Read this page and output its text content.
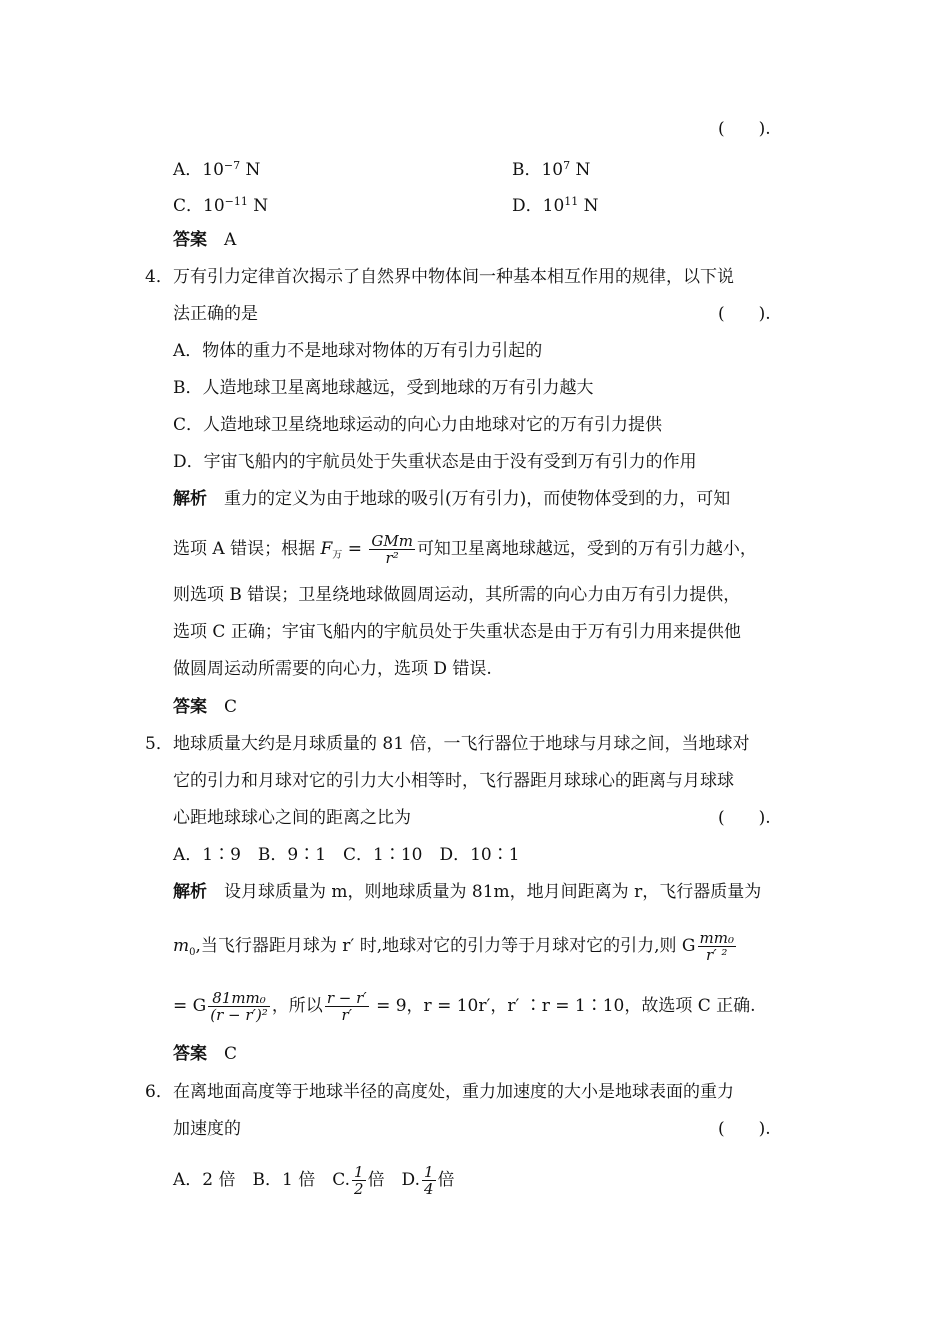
(　　).
A．$10^{-7}$ N	B．$10^7$ N
C．$10^{-11}$ N	D．$10^{11}$ N
答案　 A
4． 万有引力定律首次揭示了自然界中物体间一种基本相互作用的规律，以下说
法正确的是	(　　).
A．物体的重力不是地球对物体的万有引力引起的
B．人造地球卫星离地球越远，受到地球的万有引力越大
C．人造地球卫星绕地球运动的向心力由地球对它的万有引力提供
D．宇宙飞船内的宇航员处于失重状态是由于没有受到万有引力的作用
解析　 重力的定义为由于地球的吸引(万有引力)，而使物体受到的力，可知
选项 A 错误；根据 $F_万 = \frac{\text{GMm}}{\text{r²}}$ 可知卫星离地球越远，受到的万有引力越小，
则选项 B 错误；卫星绕地球做圆周运动，其所需的向心力由万有引力提供，
选项 C 正确；宇宙飞船内的宇航员处于失重状态是由于万有引力用来提供他
做圆周运动所需要的向心力，选项 D 错误.
答案　 C
5． 地球质量大约是月球质量的 81 倍，一飞行器位于地球与月球之间，当地球对
它的引力和月球对它的引力大小相等时，飞行器距月球球心的距离与月球球
心距地球球心之间的距离之比为	(　　).
A．1∶9　B．9∶1　C．1∶10　D．10∶1
解析　 设月球质量为 m，则地球质量为 81m，地月间距离为 r，飞行器质量为
$m_0$,当飞行器距月球为 r′ 时,地球对它的引力等于月球对它的引力,则 G $\frac{\text{mm₀}}{\text{r′ ²}}$
= G $\frac{\text{81mm₀}}{\text{(r − r′)²}}$ ，所以 $\frac{r - r'}{r'} = 9$，r = 10r′，r′ ∶r = 1∶10，故选项 C 正确.
答案　 C
6． 在离地面高度等于地球半径的高度处，重力加速度的大小是地球表面的重力
加速度的	(　　).
A．2 倍　B．1 倍　C. $\frac{1}{2}$ 倍　D. $\frac{1}{4}$ 倍
